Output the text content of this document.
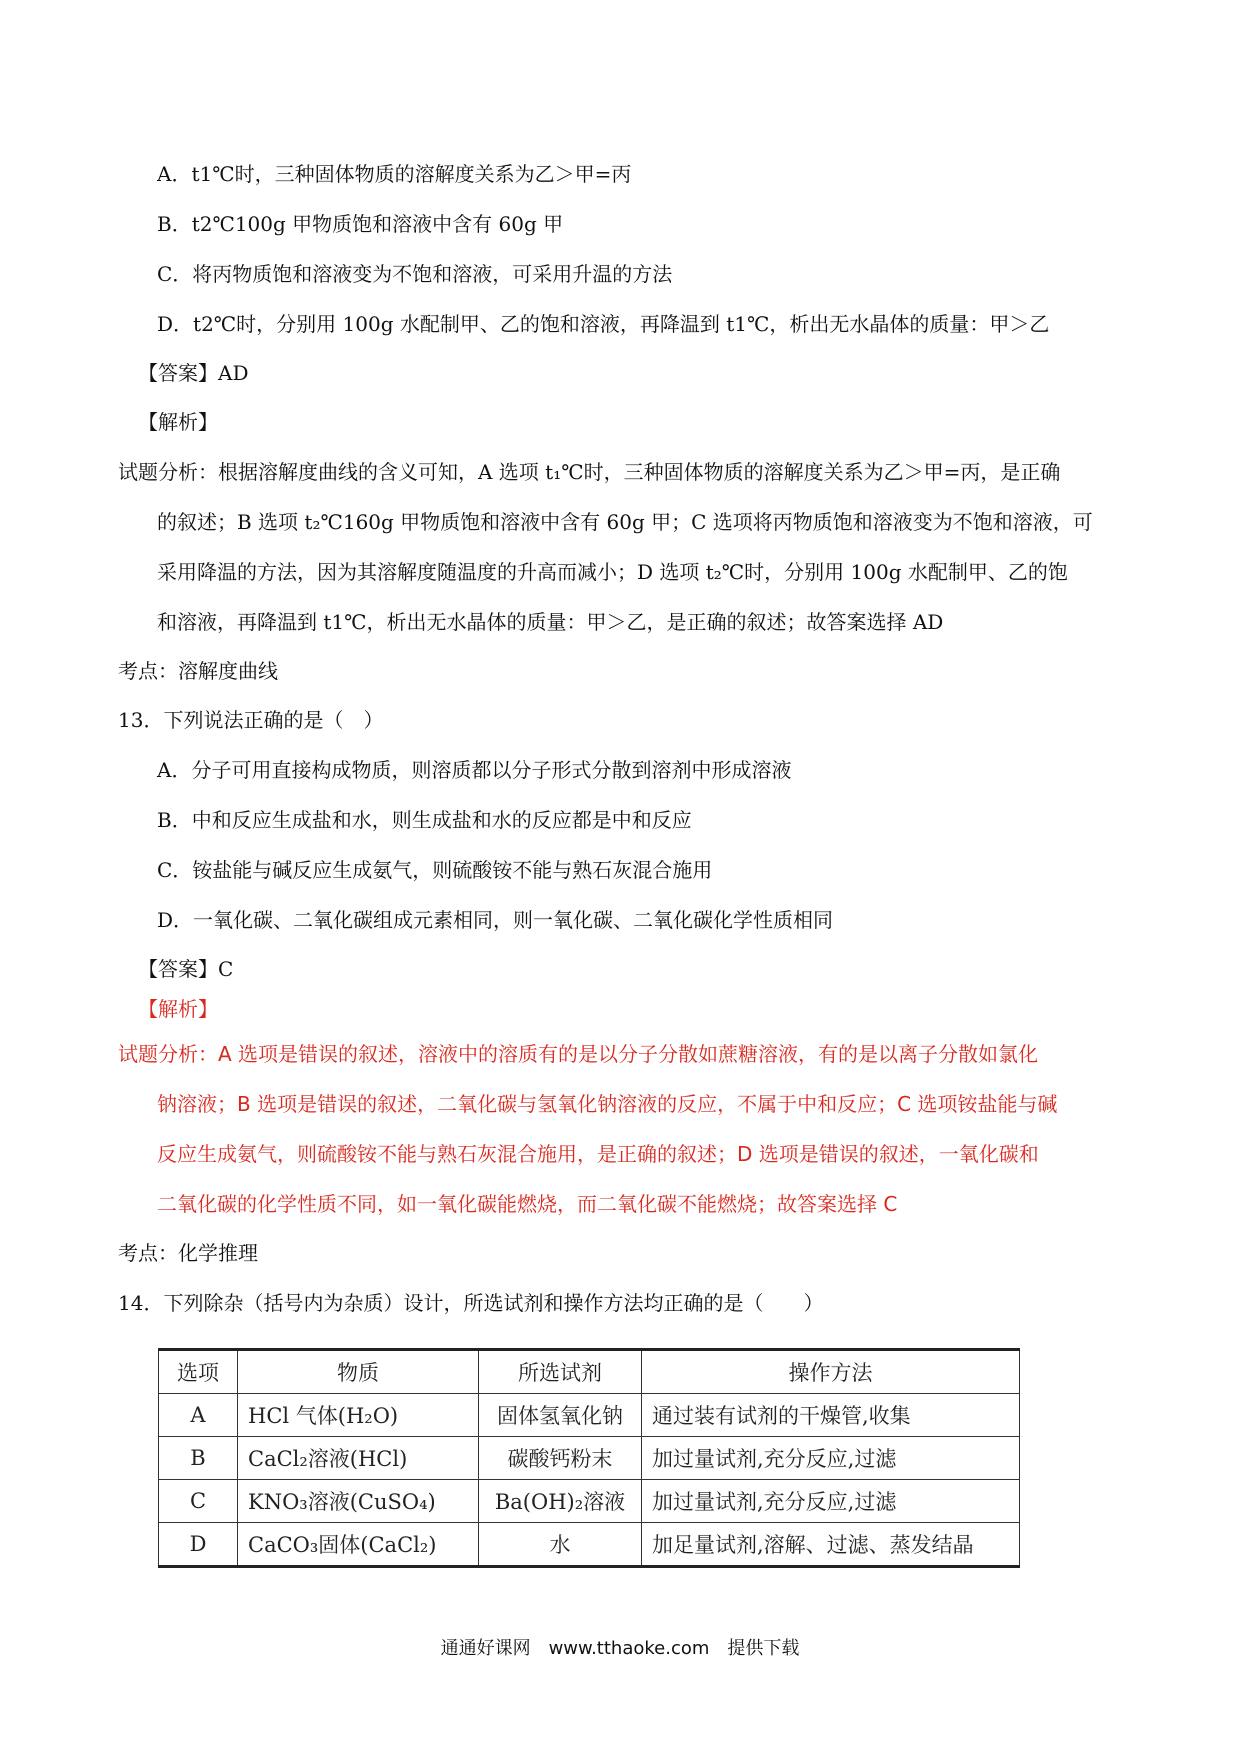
A．t1℃时，三种固体物质的溶解度关系为乙＞甲=丙
B．t2℃100g 甲物质饱和溶液中含有 60g 甲
C．将丙物质饱和溶液变为不饱和溶液，可采用升温的方法
D．t2℃时，分别用 100g 水配制甲、乙的饱和溶液，再降温到 t1℃，析出无水晶体的质量：甲＞乙
【答案】AD
【解析】
试题分析：根据溶解度曲线的含义可知，A 选项 t₁℃时，三种固体物质的溶解度关系为乙＞甲=丙，是正确
的叙述；B 选项 t₂℃160g 甲物质饱和溶液中含有 60g 甲；C 选项将丙物质饱和溶液变为不饱和溶液，可
采用降温的方法，因为其溶解度随温度的升高而减小；D 选项 t₂℃时，分别用 100g 水配制甲、乙的饱
和溶液，再降温到 t1℃，析出无水晶体的质量：甲＞乙，是正确的叙述；故答案选择 AD
考点：溶解度曲线
13．下列说法正确的是（　）
A．分子可用直接构成物质，则溶质都以分子形式分散到溶剂中形成溶液
B．中和反应生成盐和水，则生成盐和水的反应都是中和反应
C．铵盐能与碱反应生成氨气，则硫酸铵不能与熟石灰混合施用
D．一氧化碳、二氧化碳组成元素相同，则一氧化碳、二氧化碳化学性质相同
【答案】C
【解析】
试题分析：A 选项是错误的叙述，溶液中的溶质有的是以分子分散如蔗糖溶液，有的是以离子分散如氯化
钠溶液；B 选项是错误的叙述，二氧化碳与氢氧化钠溶液的反应，不属于中和反应；C 选项铵盐能与碱
反应生成氨气，则硫酸铵不能与熟石灰混合施用，是正确的叙述；D 选项是错误的叙述，一氧化碳和
二氧化碳的化学性质不同，如一氧化碳能燃烧，而二氧化碳不能燃烧；故答案选择 C
考点：化学推理
14．下列除杂（括号内为杂质）设计，所选试剂和操作方法均正确的是（　　）
选项	物质	所选试剂	操作方法
A	HCl 气体(H₂O)	固体氢氧化钠	通过装有试剂的干燥管,收集
B	CaCl₂溶液(HCl)	碳酸钙粉末	加过量试剂,充分反应,过滤
C	KNO₃溶液(CuSO₄)	Ba(OH)₂溶液	加过量试剂,充分反应,过滤
D	CaCO₃固体(CaCl₂)	水	加足量试剂,溶解、过滤、蒸发结晶
通通好课网　www.tthaoke.com　提供下载
